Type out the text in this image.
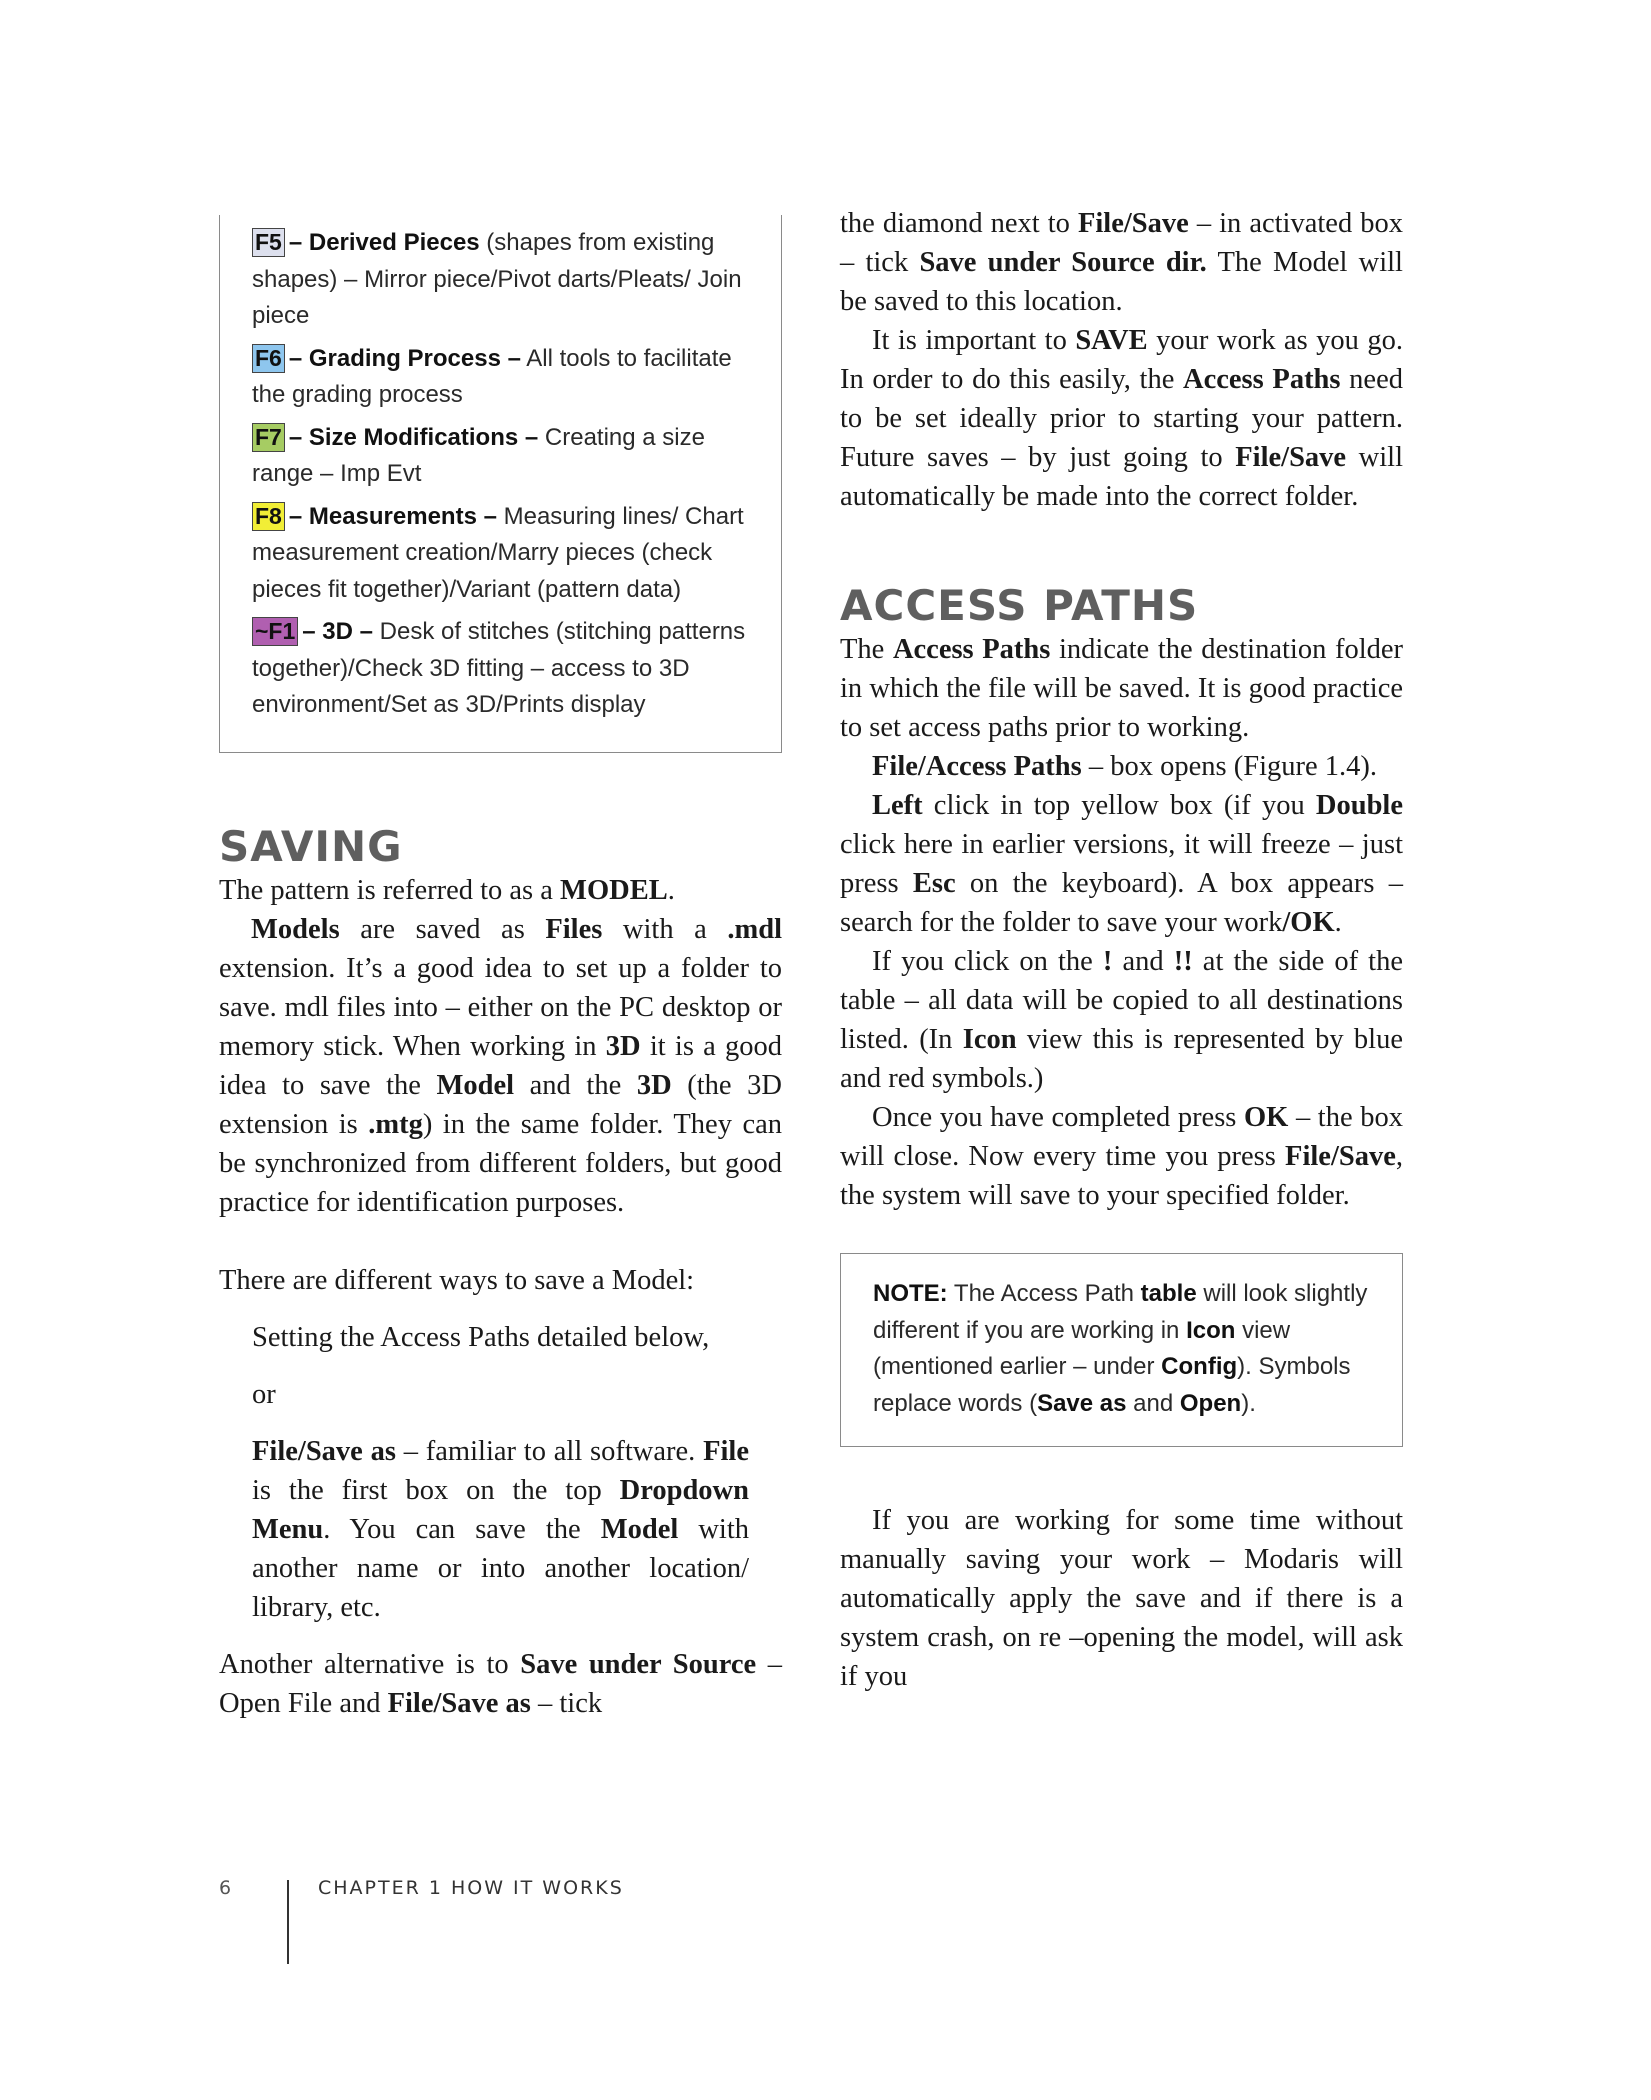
F5 – Derived Pieces (shapes from existing shapes) – Mirror piece/Pivot darts/Pleats/ Join piece
F6 – Grading Process – All tools to facilitate the grading process
F7 – Size Modifications – Creating a size range – Imp Evt
F8 – Measurements – Measuring lines/ Chart measurement creation/Marry pieces (check pieces fit together)/Variant (pattern data)
~F1 – 3D – Desk of stitches (stitching patterns together)/Check 3D fitting – access to 3D environment/Set as 3D/Prints display
SAVING

The pattern is referred to as a MODEL.

Models are saved as Files with a .mdl extension. It’s a good idea to set up a folder to save. mdl files into – either on the PC desktop or memory stick. When working in 3D it is a good idea to save the Model and the 3D (the 3D extension is .mtg) in the same folder. They can be synchronized from different folders, but good practice for identification purposes.

There are different ways to save a Model:

Setting the Access Paths detailed below,

or

File/Save as – familiar to all software. File is the first box on the top Dropdown Menu. You can save the Model with another name or into another location/ library, etc.

Another alternative is to Save under Source – Open File and File/Save as – tick

the diamond next to File/Save – in activated box – tick Save under Source dir. The Model will be saved to this location.

It is important to SAVE your work as you go. In order to do this easily, the Access Paths need to be set ideally prior to starting your pattern. Future saves – by just going to File/Save will automatically be made into the correct folder.

ACCESS PATHS

The Access Paths indicate the destination folder in which the file will be saved. It is good practice to set access paths prior to working.

File/Access Paths – box opens (Figure 1.4).

Left click in top yellow box (if you Double click here in earlier versions, it will freeze – just press Esc on the keyboard). A box appears – search for the folder to save your work/OK.

If you click on the ! and !! at the side of the table – all data will be copied to all destinations listed. (In Icon view this is represented by blue and red symbols.)

Once you have completed press OK – the box will close. Now every time you press File/Save, the system will save to your specified folder.

NOTE: The Access Path table will look slightly different if you are working in Icon view (mentioned earlier – under Config). Symbols replace words (Save as and Open).

If you are working for some time without manually saving your work – Modaris will automatically apply the save and if there is a system crash, on re –opening the model, will ask if you

6	CHAPTER 1 HOW IT WORKS
